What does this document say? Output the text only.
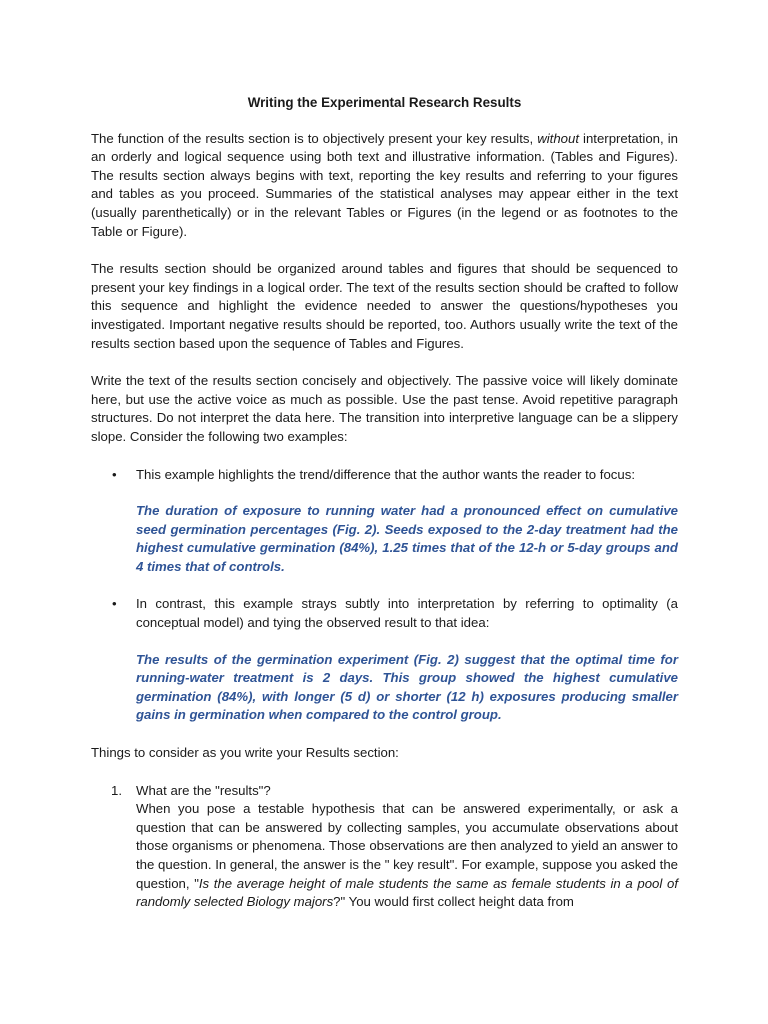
Writing the Experimental Research Results

The function of the results section is to objectively present your key results, without interpretation, in an orderly and logical sequence using both text and illustrative information. (Tables and Figures). The results section always begins with text, reporting the key results and referring to your figures and tables as you proceed. Summaries of the statistical analyses may appear either in the text (usually parenthetically) or in the relevant Tables or Figures (in the legend or as footnotes to the Table or Figure).

The results section should be organized around tables and figures that should be sequenced to present your key findings in a logical order. The text of the results section should be crafted to follow this sequence and highlight the evidence needed to answer the questions/hypotheses you investigated. Important negative results should be reported, too. Authors usually write the text of the results section based upon the sequence of Tables and Figures.

Write the text of the results section concisely and objectively. The passive voice will likely dominate here, but use the active voice as much as possible. Use the past tense. Avoid repetitive paragraph structures. Do not interpret the data here. The transition into interpretive language can be a slippery slope. Consider the following two examples:

• This example highlights the trend/difference that the author wants the reader to focus:

The duration of exposure to running water had a pronounced effect on cumulative seed germination percentages (Fig. 2). Seeds exposed to the 2-day treatment had the highest cumulative germination (84%), 1.25 times that of the 12-h or 5-day groups and 4 times that of controls.

• In contrast, this example strays subtly into interpretation by referring to optimality (a conceptual model) and tying the observed result to that idea:

The results of the germination experiment (Fig. 2) suggest that the optimal time for running-water treatment is 2 days. This group showed the highest cumulative germination (84%), with longer (5 d) or shorter (12 h) exposures producing smaller gains in germination when compared to the control group.

Things to consider as you write your Results section:

1. What are the "results"?

When you pose a testable hypothesis that can be answered experimentally, or ask a question that can be answered by collecting samples, you accumulate observations about those organisms or phenomena. Those observations are then analyzed to yield an answer to the question. In general, the answer is the " key result". For example, suppose you asked the question, "Is the average height of male students the same as female students in a pool of randomly selected Biology majors?" You would first collect height data from
